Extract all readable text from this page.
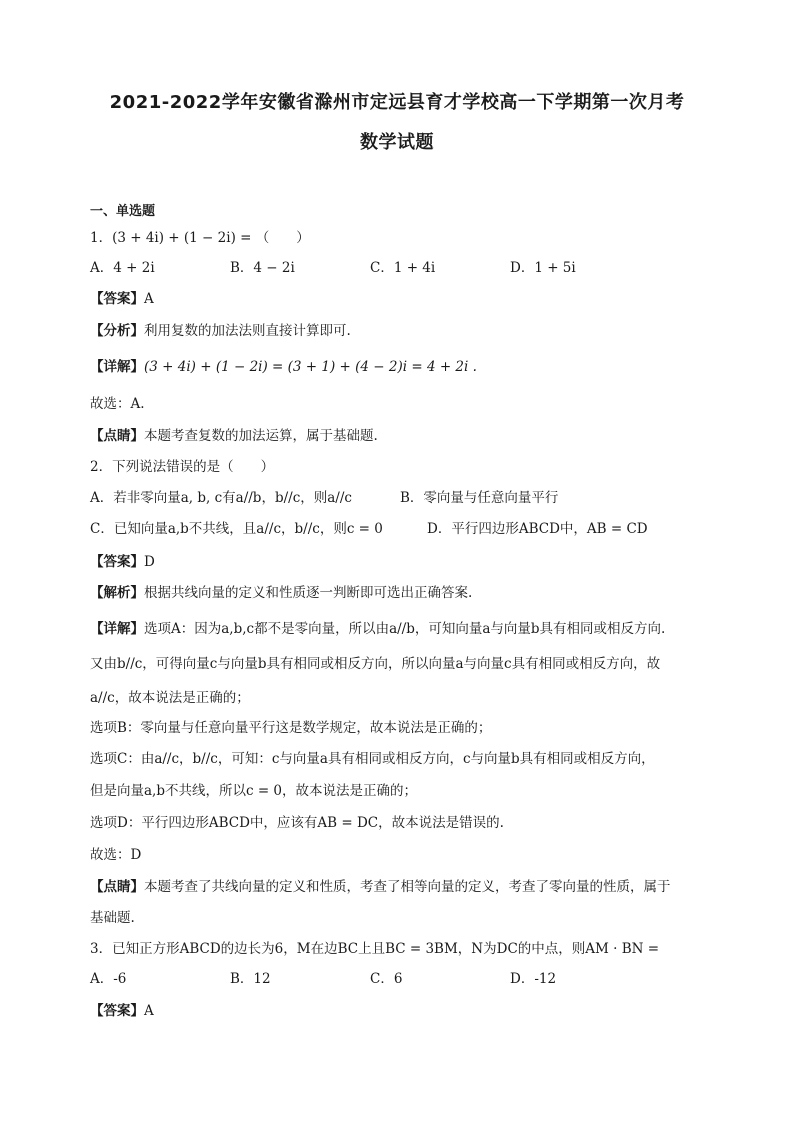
2021-2022学年安徽省滁州市定远县育才学校高一下学期第一次月考
数学试题
一、单选题
1．(3 + 4i) + (1 − 2i) = （　　）
A．4 + 2i	B．4 − 2i	C．1 + 4i	D．1 + 5i
【答案】A
【分析】利用复数的加法法则直接计算即可.
【详解】(3 + 4i) + (1 − 2i) = (3 + 1) + (4 − 2)i = 4 + 2i .
故选：A.
【点睛】本题考查复数的加法运算，属于基础题.
2．下列说法错误的是（　　）
A．若非零向量a, b, c有a//b，b//c，则a//c	B．零向量与任意向量平行
C．已知向量a,b不共线，且a//c，b//c，则c = 0	D．平行四边形ABCD中，AB = CD
【答案】D
【解析】根据共线向量的定义和性质逐一判断即可选出正确答案.
【详解】选项A：因为a,b,c都不是零向量，所以由a//b，可知向量a与向量b具有相同或相反方向.
又由b//c，可得向量c与向量b具有相同或相反方向，所以向量a与向量c具有相同或相反方向，故
a//c，故本说法是正确的；
选项B：零向量与任意向量平行这是数学规定，故本说法是正确的；
选项C：由a//c，b//c，可知：c与向量a具有相同或相反方向，c与向量b具有相同或相反方向，
但是向量a,b不共线，所以c = 0，故本说法是正确的；
选项D：平行四边形ABCD中，应该有AB = DC，故本说法是错误的.
故选：D
【点睛】本题考查了共线向量的定义和性质，考查了相等向量的定义，考查了零向量的性质，属于
基础题.
3．已知正方形ABCD的边长为6，M在边BC上且BC = 3BM，N为DC的中点，则AM · BN =
A．-6	B．12	C．6	D．-12
【答案】A
